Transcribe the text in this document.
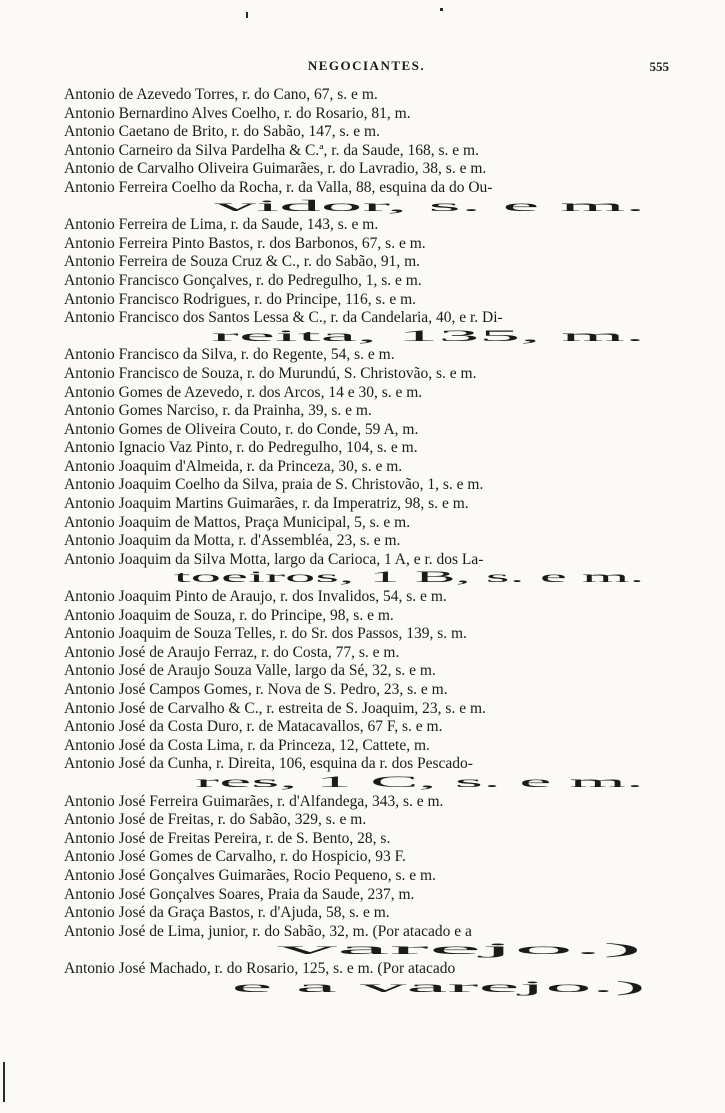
NEGOCIANTES.	555
Antonio de Azevedo Torres, r. do Cano, 67, s. e m.
Antonio Bernardino Alves Coelho, r. do Rosario, 81, m.
Antonio Caetano de Brito, r. do Sabão, 147, s. e m.
Antonio Carneiro da Silva Pardelha & C.ª, r. da Saude, 168, s. e m.
Antonio de Carvalho Oliveira Guimarães, r. do Lavradio, 38, s. e m.
Antonio Ferreira Coelho da Rocha, r. da Valla, 88, esquina da do Ou-
vidor, s. e m.
Antonio Ferreira de Lima, r. da Saude, 143, s. e m.
Antonio Ferreira Pinto Bastos, r. dos Barbonos, 67, s. e m.
Antonio Ferreira de Souza Cruz & C., r. do Sabão, 91, m.
Antonio Francisco Gonçalves, r. do Pedregulho, 1, s. e m.
Antonio Francisco Rodrigues, r. do Principe, 116, s. e m.
Antonio Francisco dos Santos Lessa & C., r. da Candelaria, 40, e r. Di-
reita, 135, m.
Antonio Francisco da Silva, r. do Regente, 54, s. e m.
Antonio Francisco de Souza, r. do Murundú, S. Christovão, s. e m.
Antonio Gomes de Azevedo, r. dos Arcos, 14 e 30, s. e m.
Antonio Gomes Narciso, r. da Prainha, 39, s. e m.
Antonio Gomes de Oliveira Couto, r. do Conde, 59 A, m.
Antonio Ignacio Vaz Pinto, r. do Pedregulho, 104, s. e m.
Antonio Joaquim d'Almeida, r. da Princeza, 30, s. e m.
Antonio Joaquim Coelho da Silva, praia de S. Christovão, 1, s. e m.
Antonio Joaquim Martins Guimarães, r. da Imperatriz, 98, s. e m.
Antonio Joaquim de Mattos, Praça Municipal, 5, s. e m.
Antonio Joaquim da Motta, r. d'Assembléa, 23, s. e m.
Antonio Joaquim da Silva Motta, largo da Carioca, 1 A, e r. dos La-
toeiros, 1 B, s. e m.
Antonio Joaquim Pinto de Araujo, r. dos Invalidos, 54, s. e m.
Antonio Joaquim de Souza, r. do Principe, 98, s. e m.
Antonio Joaquim de Souza Telles, r. do Sr. dos Passos, 139, s. m.
Antonio José de Araujo Ferraz, r. do Costa, 77, s. e m.
Antonio José de Araujo Souza Valle, largo da Sé, 32, s. e m.
Antonio José Campos Gomes, r. Nova de S. Pedro, 23, s. e m.
Antonio José de Carvalho & C., r. estreita de S. Joaquim, 23, s. e m.
Antonio José da Costa Duro, r. de Matacavallos, 67 F, s. e m.
Antonio José da Costa Lima, r. da Princeza, 12, Cattete, m.
Antonio José da Cunha, r. Direita, 106, esquina da r. dos Pescado-
res, 1 C, s. e m.
Antonio José Ferreira Guimarães, r. d'Alfandega, 343, s. e m.
Antonio José de Freitas, r. do Sabão, 329, s. e m.
Antonio José de Freitas Pereira, r. de S. Bento, 28, s.
Antonio José Gomes de Carvalho, r. do Hospicio, 93 F.
Antonio José Gonçalves Guimarães, Rocio Pequeno, s. e m.
Antonio José Gonçalves Soares, Praia da Saude, 237, m.
Antonio José da Graça Bastos, r. d'Ajuda, 58, s. e m.
Antonio José de Lima, junior, r. do Sabão, 32, m. (Por atacado e a
varejo.)
Antonio José Machado, r. do Rosario, 125, s. e m. (Por atacado
e a varejo.)
